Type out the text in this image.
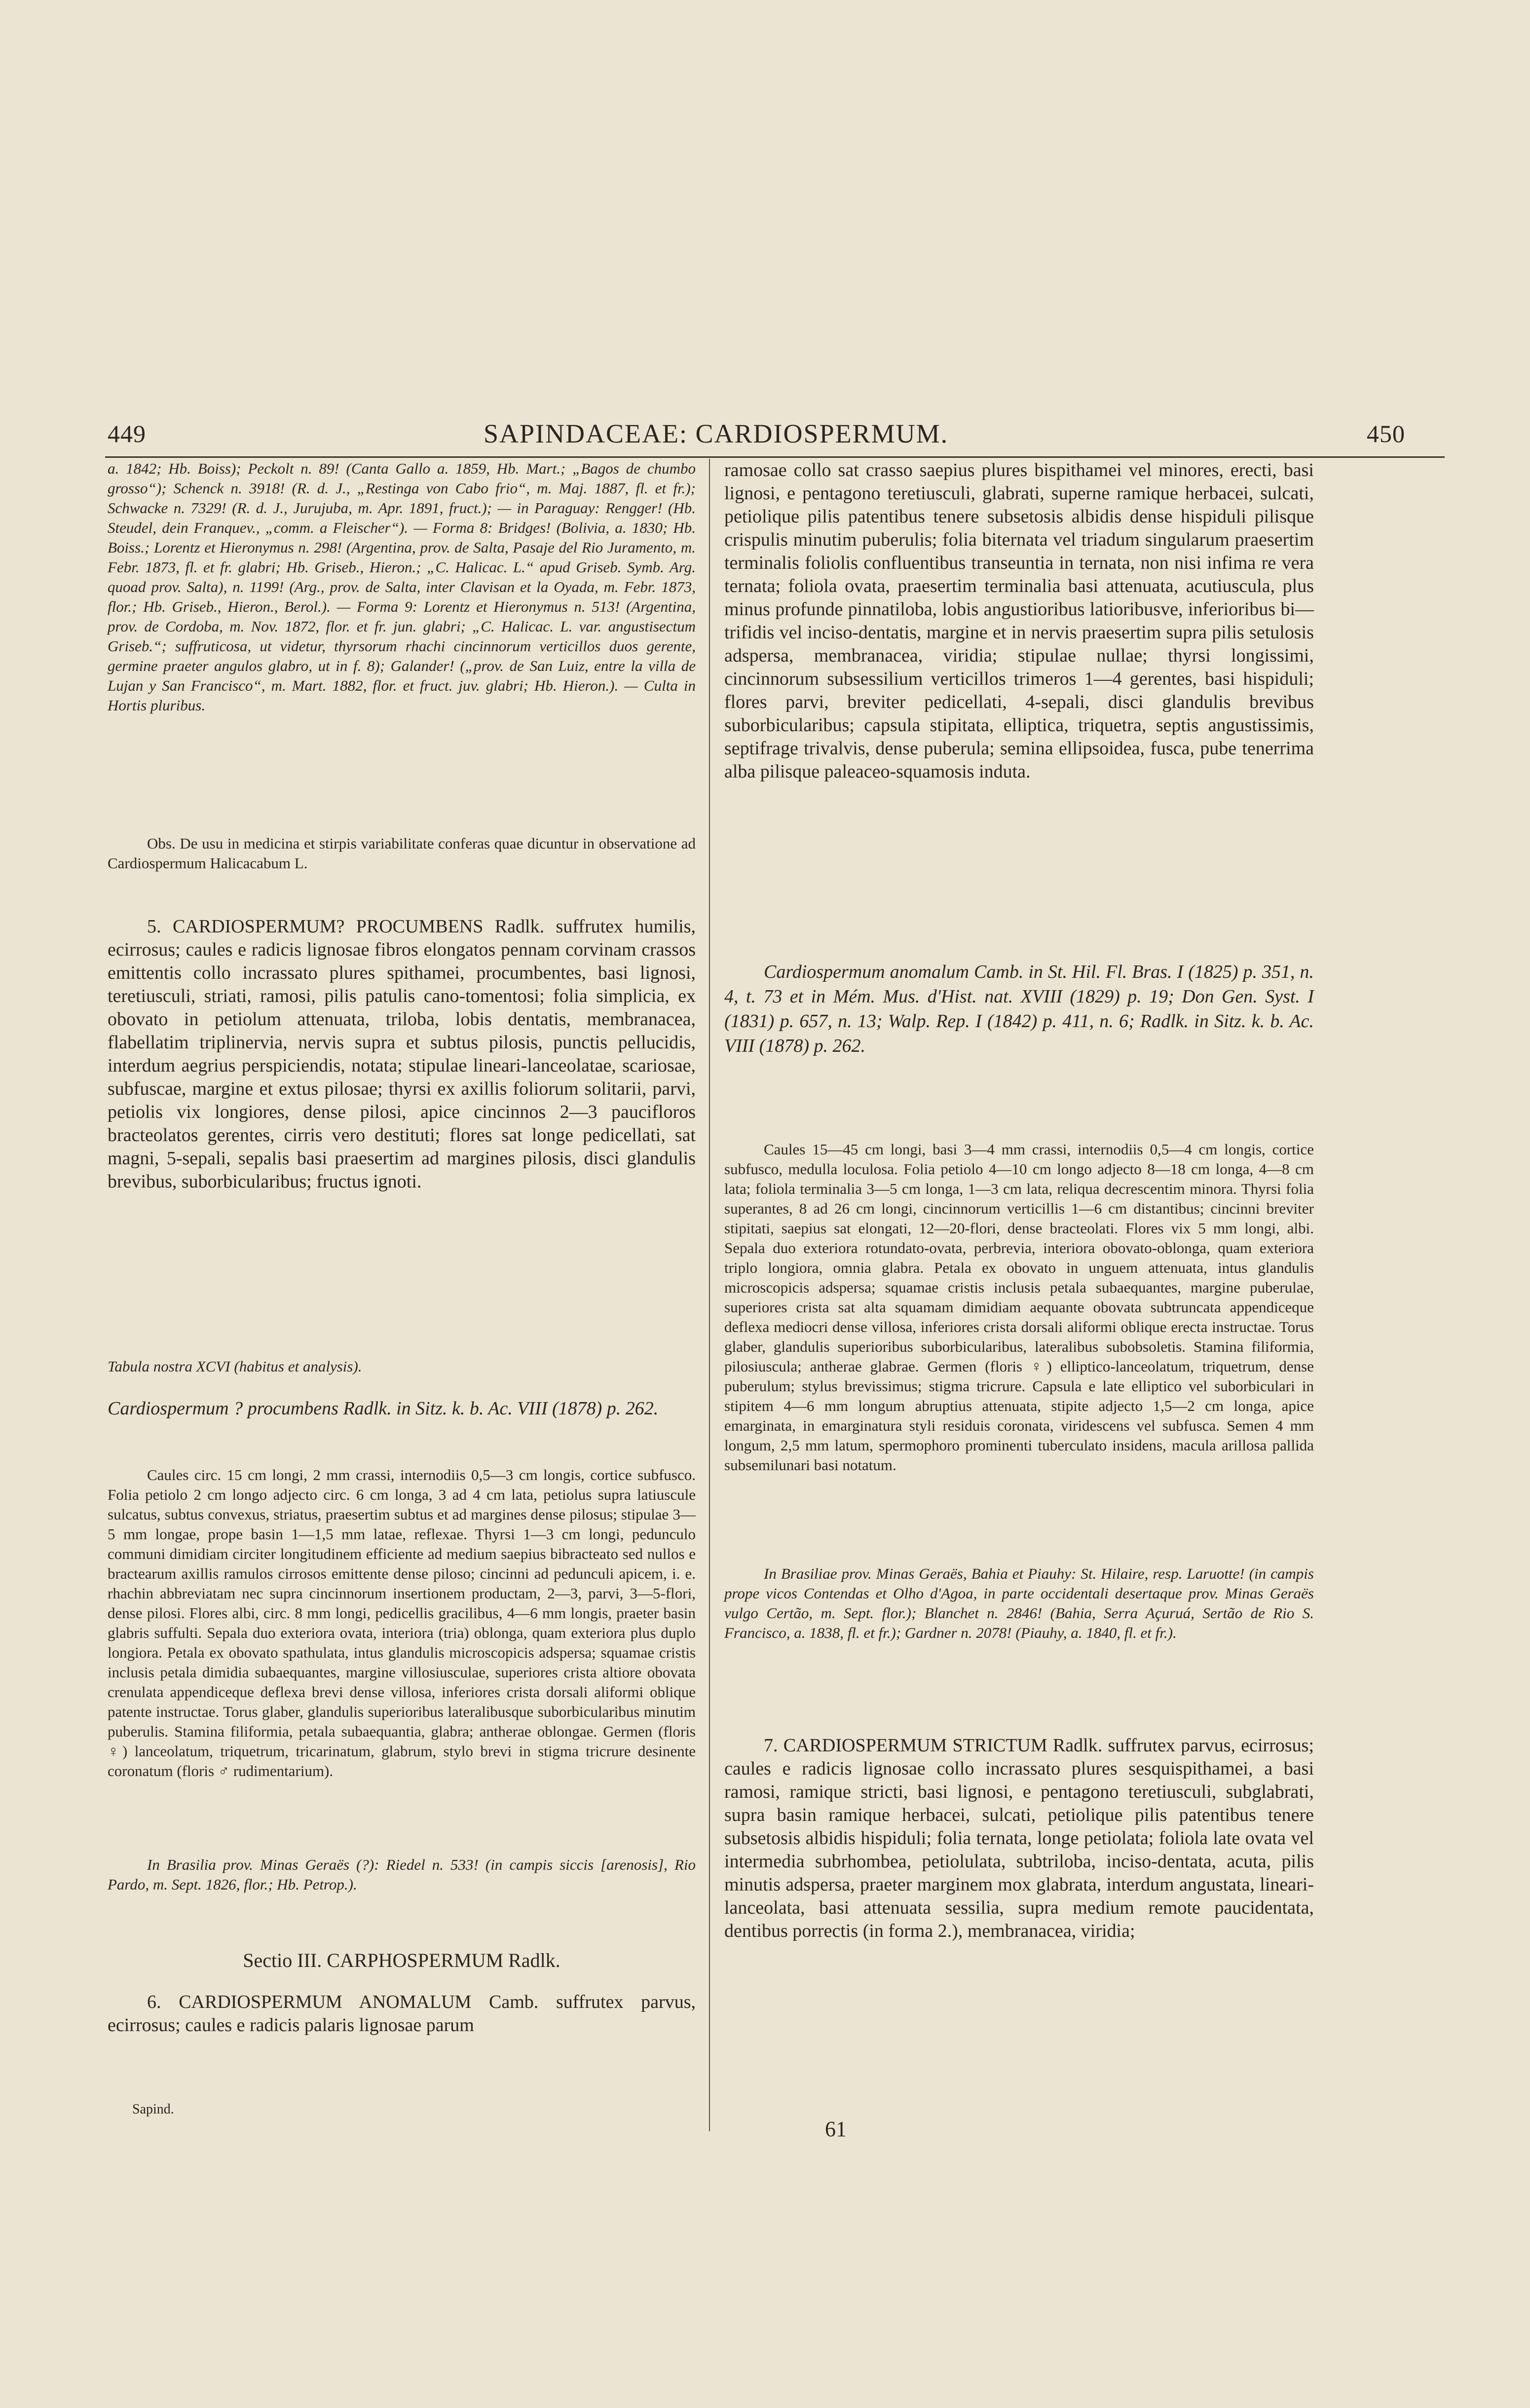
449	SAPINDACEAE: CARDIOSPERMUM.	450

a. 1842; Hb. Boiss); Peckolt n. 89! (Canta Gallo a. 1859, Hb. Mart.; „Bagos de chumbo grosso“); Schenck n. 3918! (R. d. J., „Restinga von Cabo frio“, m. Maj. 1887, fl. et fr.); Schwacke n. 7329! (R. d. J., Jurujuba, m. Apr. 1891, fruct.); — in Paraguay: Rengger! (Hb. Steudel, dein Franquev., „comm. a Fleischer“). — Forma 8: Bridges! (Bolivia, a. 1830; Hb. Boiss.; Lorentz et Hieronymus n. 298! (Argentina, prov. de Salta, Pasaje del Rio Juramento, m. Febr. 1873, fl. et fr. glabri; Hb. Griseb., Hieron.; „C. Halicac. L.“ apud Griseb. Symb. Arg. quoad prov. Salta), n. 1199! (Arg., prov. de Salta, inter Clavisan et la Oyada, m. Febr. 1873, flor.; Hb. Griseb., Hieron., Berol.). — Forma 9: Lorentz et Hieronymus n. 513! (Argentina, prov. de Cordoba, m. Nov. 1872, flor. et fr. jun. glabri; „C. Halicac. L. var. angustisectum Griseb.“; suffruticosa, ut videtur, thyrsorum rhachi cincinnorum verticillos duos gerente, germine praeter angulos glabro, ut in f. 8); Galander! („prov. de San Luiz, entre la villa de Lujan y San Francisco“, m. Mart. 1882, flor. et fruct. juv. glabri; Hb. Hieron.). — Culta in Hortis pluribus.

Obs. De usu in medicina et stirpis variabilitate conferas quae dicuntur in observatione ad Cardiospermum Halicacabum L.

5. CARDIOSPERMUM? PROCUMBENS Radlk. suffrutex humilis, ecirrosus; caules e radicis lignosae fibros elongatos pennam corvinam crassos emittentis collo incrassato plures spithamei, procumbentes, basi lignosi, teretiusculi, striati, ramosi, pilis patulis cano-tomentosi; folia simplicia, ex obovato in petiolum attenuata, triloba, lobis dentatis, membranacea, flabellatim triplinervia, nervis supra et subtus pilosis, punctis pellucidis, interdum aegrius perspiciendis, notata; stipulae lineari-lanceolatae, scariosae, subfuscae, margine et extus pilosae; thyrsi ex axillis foliorum solitarii, parvi, petiolis vix longiores, dense pilosi, apice cincinnos 2—3 paucifloros bracteolatos gerentes, cirris vero destituti; flores sat longe pedicellati, sat magni, 5-sepali, sepalis basi praesertim ad margines pilosis, disci glandulis brevibus, suborbicularibus; fructus ignoti.

Tabula nostra XCVI (habitus et analysis).

Cardiospermum ? procumbens Radlk. in Sitz. k. b. Ac. VIII (1878) p. 262.

Caules circ. 15 cm longi, 2 mm crassi, internodiis 0,5—3 cm longis, cortice subfusco. Folia petiolo 2 cm longo adjecto circ. 6 cm longa, 3 ad 4 cm lata, petiolus supra latiuscule sulcatus, subtus convexus, striatus, praesertim subtus et ad margines dense pilosus; stipulae 3—5 mm longae, prope basin 1—1,5 mm latae, reflexae. Thyrsi 1—3 cm longi, pedunculo communi dimidiam circiter longitudinem efficiente ad medium saepius bibracteato sed nullos e bractearum axillis ramulos cirrosos emittente dense piloso; cincinni ad pedunculi apicem, i. e. rhachin abbreviatam nec supra cincinnorum insertionem productam, 2—3, parvi, 3—5-flori, dense pilosi. Flores albi, circ. 8 mm longi, pedicellis gracilibus, 4—6 mm longis, praeter basin glabris suffulti. Sepala duo exteriora ovata, interiora (tria) oblonga, quam exteriora plus duplo longiora. Petala ex obovato spathulata, intus glandulis microscopicis adspersa; squamae cristis inclusis petala dimidia subaequantes, margine villosiusculae, superiores crista altiore obovata crenulata appendiceque deflexa brevi dense villosa, inferiores crista dorsali aliformi oblique patente instructae. Torus glaber, glandulis superioribus lateralibusque suborbicularibus minutim puberulis. Stamina filiformia, petala subaequantia, glabra; antherae oblongae. Germen (floris ♀) lanceolatum, triquetrum, tricarinatum, glabrum, stylo brevi in stigma tricrure desinente coronatum (floris ♂ rudimentarium).

In Brasilia prov. Minas Geraës (?): Riedel n. 533! (in campis siccis [arenosis], Rio Pardo, m. Sept. 1826, flor.; Hb. Petrop.).

Sectio III. CARPHOSPERMUM Radlk.

6. CARDIOSPERMUM ANOMALUM Camb. suffrutex parvus, ecirrosus; caules e radicis palaris lignosae parum

Sapind.

ramosae collo sat crasso saepius plures bispithamei vel minores, erecti, basi lignosi, e pentagono teretiusculi, glabrati, superne ramique herbacei, sulcati, petiolique pilis patentibus tenere subsetosis albidis dense hispiduli pilisque crispulis minutim puberulis; folia biternata vel triadum singularum praesertim terminalis foliolis confluentibus transeuntia in ternata, non nisi infima re vera ternata; foliola ovata, praesertim terminalia basi attenuata, acutiuscula, plus minus profunde pinnatiloba, lobis angustioribus latioribusve, inferioribus bi—trifidis vel inciso-dentatis, margine et in nervis praesertim supra pilis setulosis adspersa, membranacea, viridia; stipulae nullae; thyrsi longissimi, cincinnorum subsessilium verticillos trimeros 1—4 gerentes, basi hispiduli; flores parvi, breviter pedicellati, 4-sepali, disci glandulis brevibus suborbicularibus; capsula stipitata, elliptica, triquetra, septis angustissimis, septifrage trivalvis, dense puberula; semina ellipsoidea, fusca, pube tenerrima alba pilisque paleaceo-squamosis induta.

Cardiospermum anomalum Camb. in St. Hil. Fl. Bras. I (1825) p. 351, n. 4, t. 73 et in Mém. Mus. d'Hist. nat. XVIII (1829) p. 19; Don Gen. Syst. I (1831) p. 657, n. 13; Walp. Rep. I (1842) p. 411, n. 6; Radlk. in Sitz. k. b. Ac. VIII (1878) p. 262.

Caules 15—45 cm longi, basi 3—4 mm crassi, internodiis 0,5—4 cm longis, cortice subfusco, medulla loculosa. Folia petiolo 4—10 cm longo adjecto 8—18 cm longa, 4—8 cm lata; foliola terminalia 3—5 cm longa, 1—3 cm lata, reliqua decrescentim minora. Thyrsi folia superantes, 8 ad 26 cm longi, cincinnorum verticillis 1—6 cm distantibus; cincinni breviter stipitati, saepius sat elongati, 12—20-flori, dense bracteolati. Flores vix 5 mm longi, albi. Sepala duo exteriora rotundato-ovata, perbrevia, interiora obovato-oblonga, quam exteriora triplo longiora, omnia glabra. Petala ex obovato in unguem attenuata, intus glandulis microscopicis adspersa; squamae cristis inclusis petala subaequantes, margine puberulae, superiores crista sat alta squamam dimidiam aequante obovata subtruncata appendiceque deflexa mediocri dense villosa, inferiores crista dorsali aliformi oblique erecta instructae. Torus glaber, glandulis superioribus suborbicularibus, lateralibus subobsoletis. Stamina filiformia, pilosiuscula; antherae glabrae. Germen (floris ♀) elliptico-lanceolatum, triquetrum, dense puberulum; stylus brevissimus; stigma tricrure. Capsula e late elliptico vel suborbiculari in stipitem 4—6 mm longum abruptius attenuata, stipite adjecto 1,5—2 cm longa, apice emarginata, in emarginatura styli residuis coronata, viridescens vel subfusca. Semen 4 mm longum, 2,5 mm latum, spermophoro prominenti tuberculato insidens, macula arillosa pallida subsemilunari basi notatum.

In Brasiliae prov. Minas Geraës, Bahia et Piauhy: St. Hilaire, resp. Laruotte! (in campis prope vicos Contendas et Olho d'Agoa, in parte occidentali desertaque prov. Minas Geraës vulgo Certão, m. Sept. flor.); Blanchet n. 2846! (Bahia, Serra Açuruá, Sertão de Rio S. Francisco, a. 1838, fl. et fr.); Gardner n. 2078! (Piauhy, a. 1840, fl. et fr.).

7. CARDIOSPERMUM STRICTUM Radlk. suffrutex parvus, ecirrosus; caules e radicis lignosae collo incrassato plures sesquispithamei, a basi ramosi, ramique stricti, basi lignosi, e pentagono teretiusculi, subglabrati, supra basin ramique herbacei, sulcati, petiolique pilis patentibus tenere subsetosis albidis hispiduli; folia ternata, longe petiolata; foliola late ovata vel intermedia subrhombea, petiolulata, subtriloba, inciso-dentata, acuta, pilis minutis adspersa, praeter marginem mox glabrata, interdum angustata, lineari-lanceolata, basi attenuata sessilia, supra medium remote paucidentata, dentibus porrectis (in forma 2.), membranacea, viridia;

61
